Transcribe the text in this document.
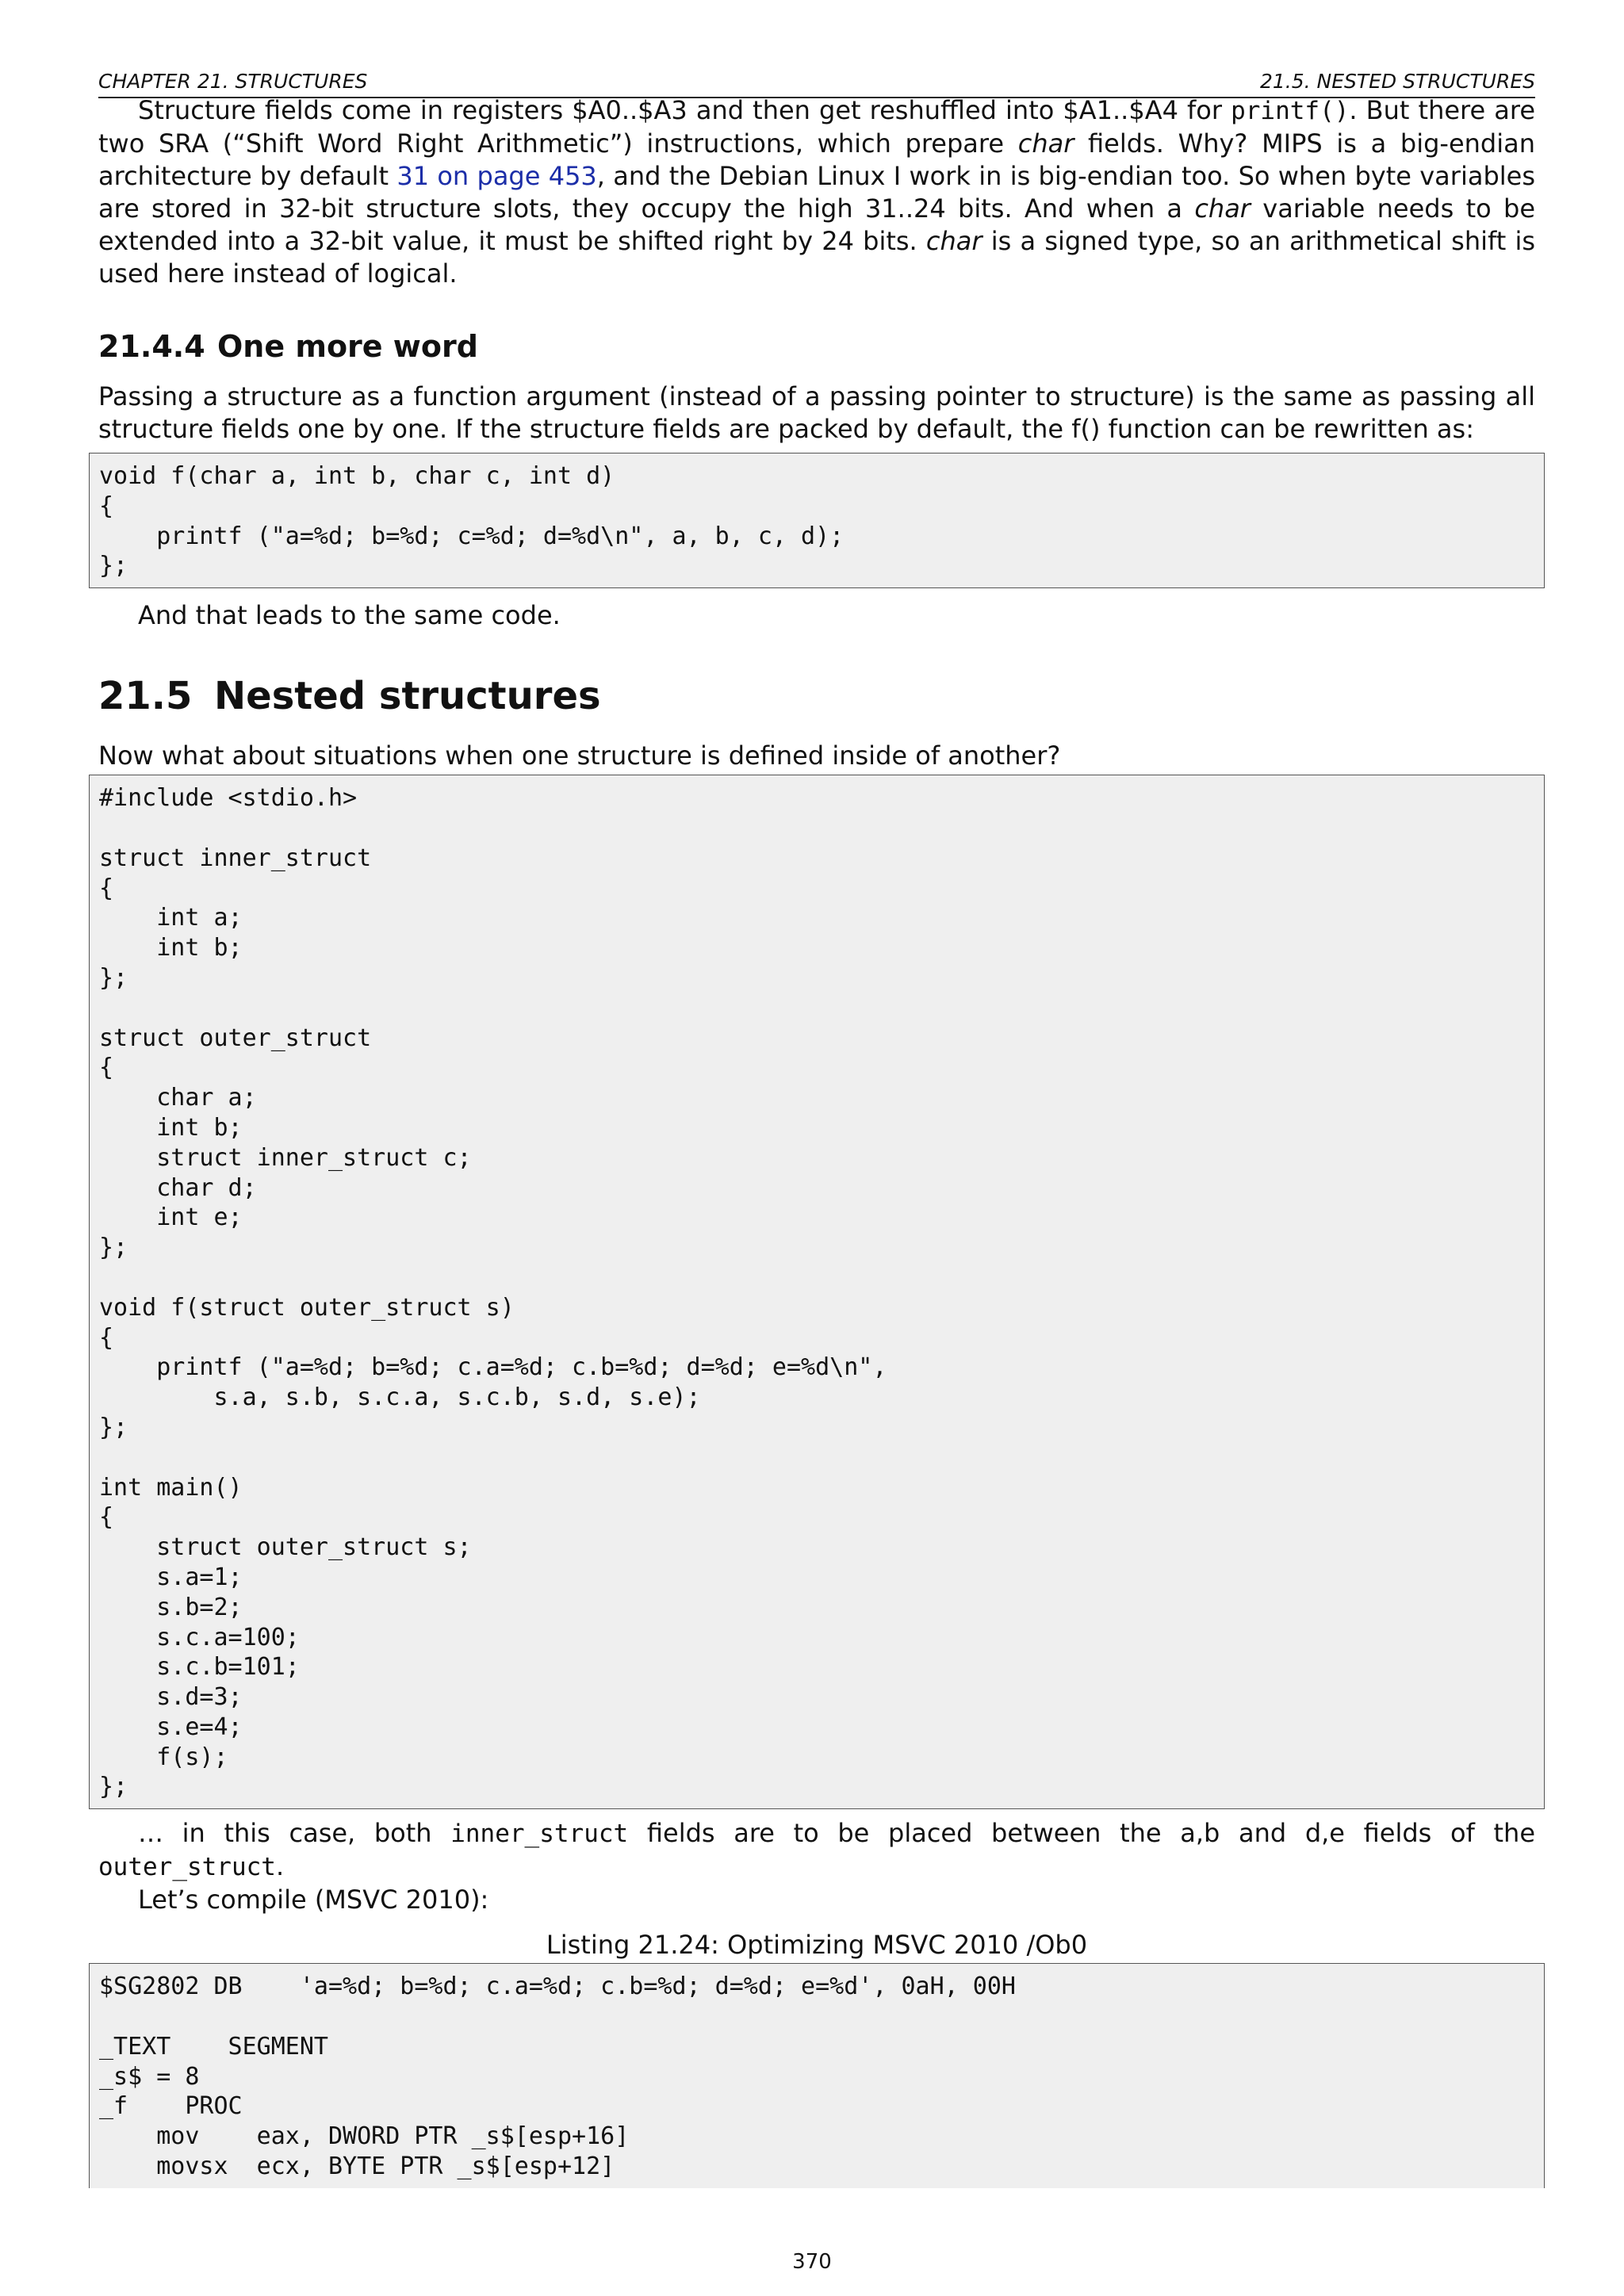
CHAPTER 21. STRUCTURES	21.5. NESTED STRUCTURES

Structure fields come in registers $A0..$A3 and then get reshuffled into $A1..$A4 for printf(). But there are two SRA (“Shift Word Right Arithmetic”) instructions, which prepare char fields. Why? MIPS is a big-endian architecture by default 31 on page 453, and the Debian Linux I work in is big-endian too. So when byte variables are stored in 32-bit structure slots, they occupy the high 31..24 bits. And when a char variable needs to be extended into a 32-bit value, it must be shifted right by 24 bits. char is a signed type, so an arithmetical shift is used here instead of logical.

21.4.4 One more word

Passing a structure as a function argument (instead of a passing pointer to structure) is the same as passing all structure fields one by one. If the structure fields are packed by default, the f() function can be rewritten as:

void f(char a, int b, char c, int d)
{
printf ("a=%d; b=%d; c=%d; d=%d\n", a, b, c, d);
};

And that leads to the same code.

21.5 Nested structures

Now what about situations when one structure is defined inside of another?

#include <stdio.h>

struct inner_struct
{
int a;
int b;
};

struct outer_struct
{
char a;
int b;
struct inner_struct c;
char d;
int e;
};

void f(struct outer_struct s)
{
printf ("a=%d; b=%d; c.a=%d; c.b=%d; d=%d; e=%d\n",
s.a, s.b, s.c.a, s.c.b, s.d, s.e);
};

int main()
{
struct outer_struct s;
s.a=1;
s.b=2;
s.c.a=100;
s.c.b=101;
s.d=3;
s.e=4;
f(s);
};

… in this case, both inner_struct fields are to be placed between the a,b and d,e fields of the outer_struct.

Let’s compile (MSVC 2010):

Listing 21.24: Optimizing MSVC 2010 /Ob0
$SG2802 DB    'a=%d; b=%d; c.a=%d; c.b=%d; d=%d; e=%d', 0aH, 00H

_TEXT    SEGMENT
_s$ = 8
_f    PROC
mov    eax, DWORD PTR _s$[esp+16]
movsx  ecx, BYTE PTR _s$[esp+12]
370
